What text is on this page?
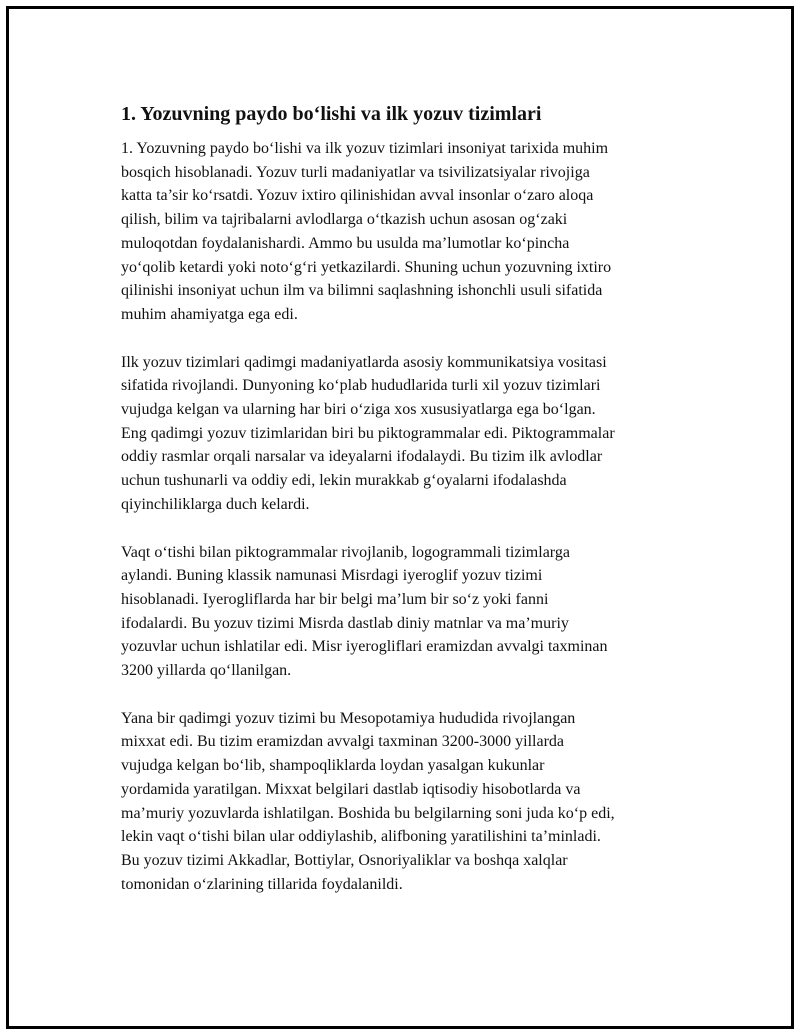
1. Yozuvning paydo bo‘lishi va ilk yozuv tizimlari

1. Yozuvning paydo bo‘lishi va ilk yozuv tizimlari insoniyat tarixida muhim
bosqich hisoblanadi. Yozuv turli madaniyatlar va tsivilizatsiyalar rivojiga
katta ta’sir ko‘rsatdi. Yozuv ixtiro qilinishidan avval insonlar o‘zaro aloqa
qilish, bilim va tajribalarni avlodlarga o‘tkazish uchun asosan og‘zaki
muloqotdan foydalanishardi. Ammo bu usulda ma’lumotlar ko‘pincha
yo‘qolib ketardi yoki noto‘g‘ri yetkazilardi. Shuning uchun yozuvning ixtiro
qilinishi insoniyat uchun ilm va bilimni saqlashning ishonchli usuli sifatida
muhim ahamiyatga ega edi.

Ilk yozuv tizimlari qadimgi madaniyatlarda asosiy kommunikatsiya vositasi
sifatida rivojlandi. Dunyoning ko‘plab hududlarida turli xil yozuv tizimlari
vujudga kelgan va ularning har biri o‘ziga xos xususiyatlarga ega bo‘lgan.
Eng qadimgi yozuv tizimlaridan biri bu piktogrammalar edi. Piktogrammalar
oddiy rasmlar orqali narsalar va ideyalarni ifodalaydi. Bu tizim ilk avlodlar
uchun tushunarli va oddiy edi, lekin murakkab g‘oyalarni ifodalashda
qiyinchiliklarga duch kelardi.

Vaqt o‘tishi bilan piktogrammalar rivojlanib, logogrammali tizimlarga
aylandi. Buning klassik namunasi Misrdagi iyeroglif yozuv tizimi
hisoblanadi. Iyerogliflarda har bir belgi ma’lum bir so‘z yoki fanni
ifodalardi. Bu yozuv tizimi Misrda dastlab diniy matnlar va ma’muriy
yozuvlar uchun ishlatilar edi. Misr iyerogliflari eramizdan avvalgi taxminan
3200 yillarda qo‘llanilgan.

Yana bir qadimgi yozuv tizimi bu Mesopotamiya hududida rivojlangan
mixxat edi. Bu tizim eramizdan avvalgi taxminan 3200-3000 yillarda
vujudga kelgan bo‘lib, shampoqliklarda loydan yasalgan kukunlar
yordamida yaratilgan. Mixxat belgilari dastlab iqtisodiy hisobotlarda va
ma’muriy yozuvlarda ishlatilgan. Boshida bu belgilarning soni juda ko‘p edi,
lekin vaqt o‘tishi bilan ular oddiylashib, alifboning yaratilishini ta’minladi.
Bu yozuv tizimi Akkadlar, Bottiylar, Osnoriyaliklar va boshqa xalqlar
tomonidan o‘zlarining tillarida foydalanildi.
